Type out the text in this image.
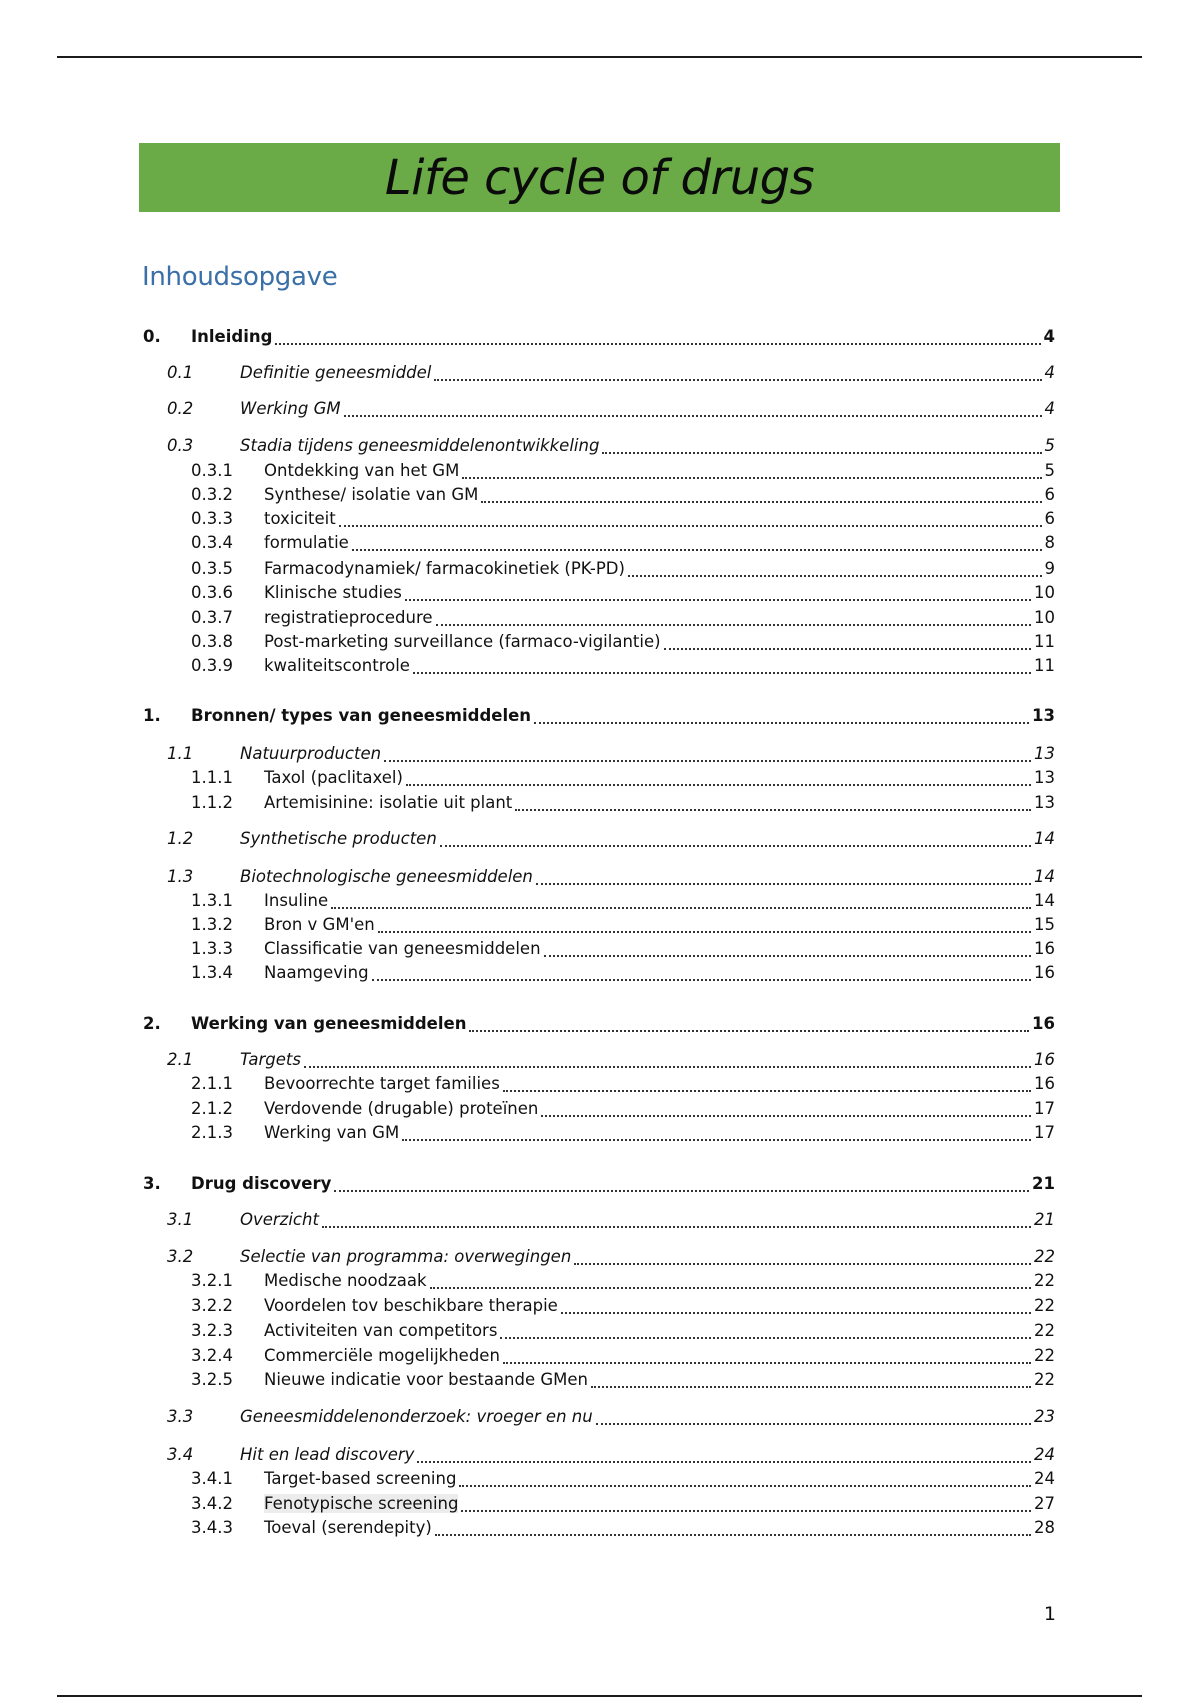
Life cycle of drugs
Inhoudsopgave
0. Inleiding	4
0.1	Definitie geneesmiddel	4
0.2	Werking GM	4
0.3	Stadia tijdens geneesmiddelenontwikkeling	5
0.3.1 Ontdekking van het GM	5
0.3.2 Synthese/ isolatie van GM	6
0.3.3 toxiciteit	6
0.3.4 formulatie	8
0.3.5 Farmacodynamiek/ farmacokinetiek (PK-PD)	9
0.3.6 Klinische studies	10
0.3.7 registratieprocedure	10
0.3.8 Post-marketing surveillance (farmaco-vigilantie)	11
0.3.9 kwaliteitscontrole	11
1. Bronnen/ types van geneesmiddelen	13
1.1	Natuurproducten	13
1.1.1 Taxol (paclitaxel)	13
1.1.2 Artemisinine: isolatie uit plant	13
1.2	Synthetische producten	14
1.3	Biotechnologische geneesmiddelen	14
1.3.1 Insuline	14
1.3.2 Bron v GM'en	15
1.3.3 Classificatie van geneesmiddelen	16
1.3.4 Naamgeving	16
2. Werking van geneesmiddelen	16
2.1	Targets	16
2.1.1 Bevoorrechte target families	16
2.1.2 Verdovende (drugable) proteïnen	17
2.1.3 Werking van GM	17
3. Drug discovery	21
3.1	Overzicht	21
3.2	Selectie van programma: overwegingen	22
3.2.1 Medische noodzaak	22
3.2.2 Voordelen tov beschikbare therapie	22
3.2.3 Activiteiten van competitors	22
3.2.4 Commerciële mogelijkheden	22
3.2.5 Nieuwe indicatie voor bestaande GMen	22
3.3	Geneesmiddelenonderzoek: vroeger en nu	23
3.4	Hit en lead discovery	24
3.4.1 Target-based screening	24
3.4.2 Fenotypische screening	27
3.4.3 Toeval (serendepity)	28
1
